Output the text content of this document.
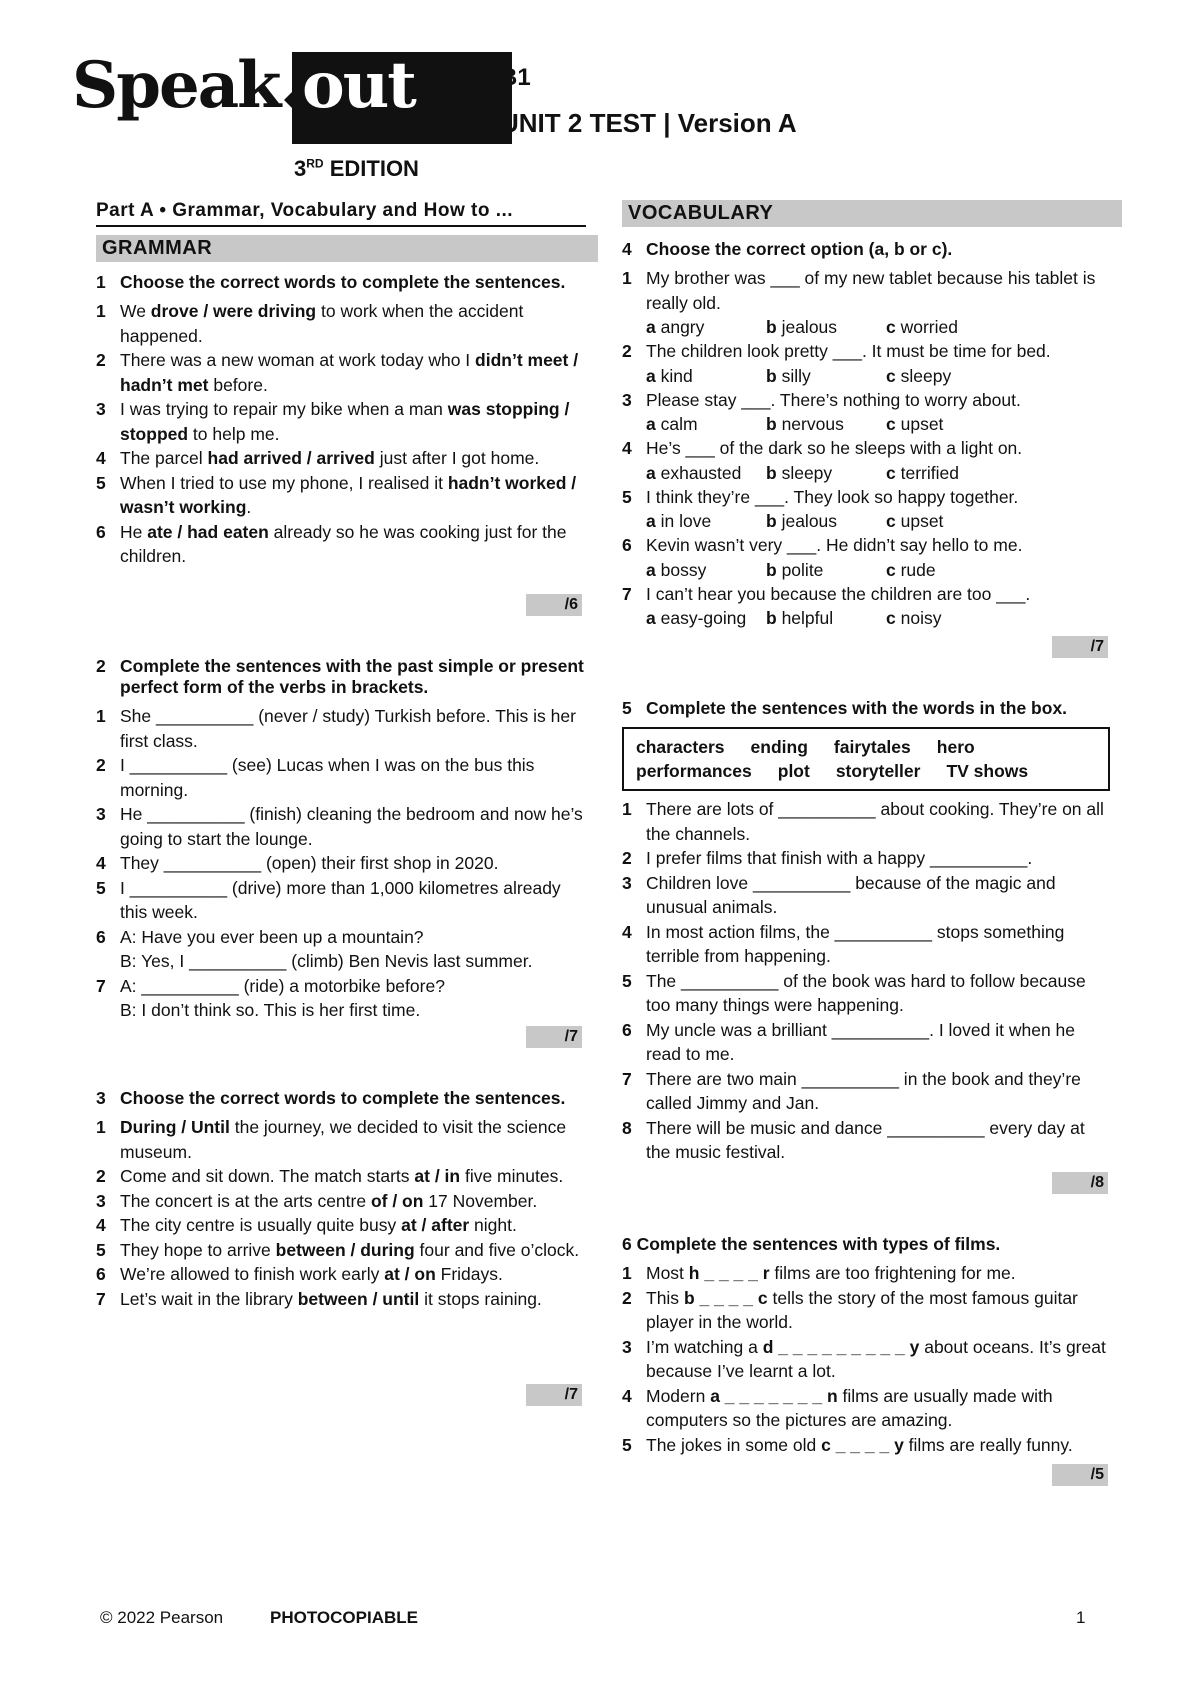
Speak out
3RD EDITION
B1
UNIT 2 TEST | Version A
Part A • Grammar, Vocabulary and How to ...
GRAMMAR
1 Choose the correct words to complete the sentences.
1 We drove / were driving to work when the accident happened.
2 There was a new woman at work today who I didn’t meet / hadn’t met before.
3 I was trying to repair my bike when a man was stopping / stopped to help me.
4 The parcel had arrived / arrived just after I got home.
5 When I tried to use my phone, I realised it hadn’t worked / wasn’t working.
6 He ate / had eaten already so he was cooking just for the children.
/6
2 Complete the sentences with the past simple or present perfect form of the verbs in brackets.
1 She __________ (never / study) Turkish before. This is her first class.
2 I __________ (see) Lucas when I was on the bus this morning.
3 He __________ (finish) cleaning the bedroom and now he’s going to start the lounge.
4 They __________ (open) their first shop in 2020.
5 I __________ (drive) more than 1,000 kilometres already this week.
6 A: Have you ever been up a mountain?
B: Yes, I __________ (climb) Ben Nevis last summer.
7 A: __________ (ride) a motorbike before?
B: I don’t think so. This is her first time.
/7
3 Choose the correct words to complete the sentences.
1 During / Until the journey, we decided to visit the science museum.
2 Come and sit down. The match starts at / in five minutes.
3 The concert is at the arts centre of / on 17 November.
4 The city centre is usually quite busy at / after night.
5 They hope to arrive between / during four and five o’clock.
6 We’re allowed to finish work early at / on Fridays.
7 Let’s wait in the library between / until it stops raining.
/7
VOCABULARY
4 Choose the correct option (a, b or c).
1 My brother was ___ of my new tablet because his tablet is really old.
a angry	b jealous	c worried
2 The children look pretty ___. It must be time for bed.
a kind	b silly	c sleepy
3 Please stay ___. There’s nothing to worry about.
a calm	b nervous	c upset
4 He’s ___ of the dark so he sleeps with a light on.
a exhausted	b sleepy	c terrified
5 I think they’re ___. They look so happy together.
a in love	b jealous	c upset
6 Kevin wasn’t very ___. He didn’t say hello to me.
a bossy	b polite	c rude
7 I can’t hear you because the children are too ___.
a easy-going	b helpful	c noisy
/7
5 Complete the sentences with the words in the box.
characters ending fairytales hero
performances plot storyteller TV shows
1 There are lots of __________ about cooking. They’re on all the channels.
2 I prefer films that finish with a happy __________.
3 Children love __________ because of the magic and unusual animals.
4 In most action films, the __________ stops something terrible from happening.
5 The __________ of the book was hard to follow because too many things were happening.
6 My uncle was a brilliant __________. I loved it when he read to me.
7 There are two main __________ in the book and they’re called Jimmy and Jan.
8 There will be music and dance __________ every day at the music festival.
/8
6
Complete the sentences with types of films.
1 Most h _ _ _ _ r films are too frightening for me.
2 This b _ _ _ _ c tells the story of the most famous guitar player in the world.
3 I’m watching a d _ _ _ _ _ _ _ _ _ y about oceans. It’s great because I’ve learnt a lot.
4 Modern a _ _ _ _ _ _ _ n films are usually made with computers so the pictures are amazing.
5 The jokes in some old c _ _ _ _ y films are really funny.
/5
© 2022 Pearson	PHOTOCOPIABLE	1
